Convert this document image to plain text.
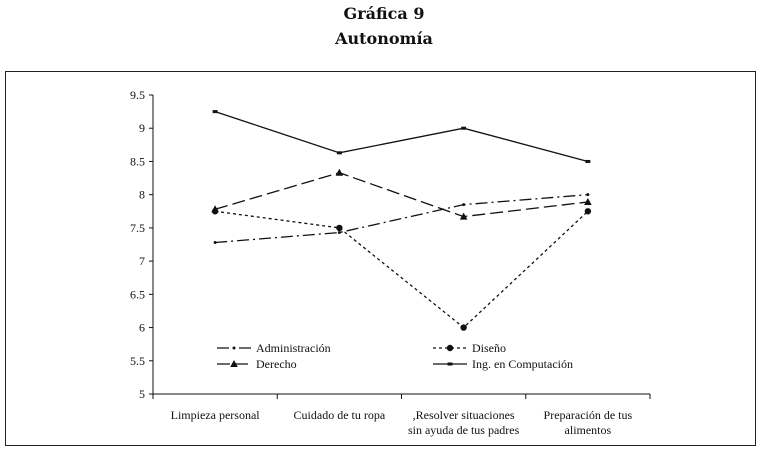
Gráfica 9
Autonomía
9.5
9
8.5
8
7.5
7
6.5
6
5.5
5
Limpieza personal	Cuidado de tu ropa	,Resolver situaciones sin ayuda de tus padres
Preparación de tus alimentos
Administración	Diseño
Derecho	Ing. en Computación
